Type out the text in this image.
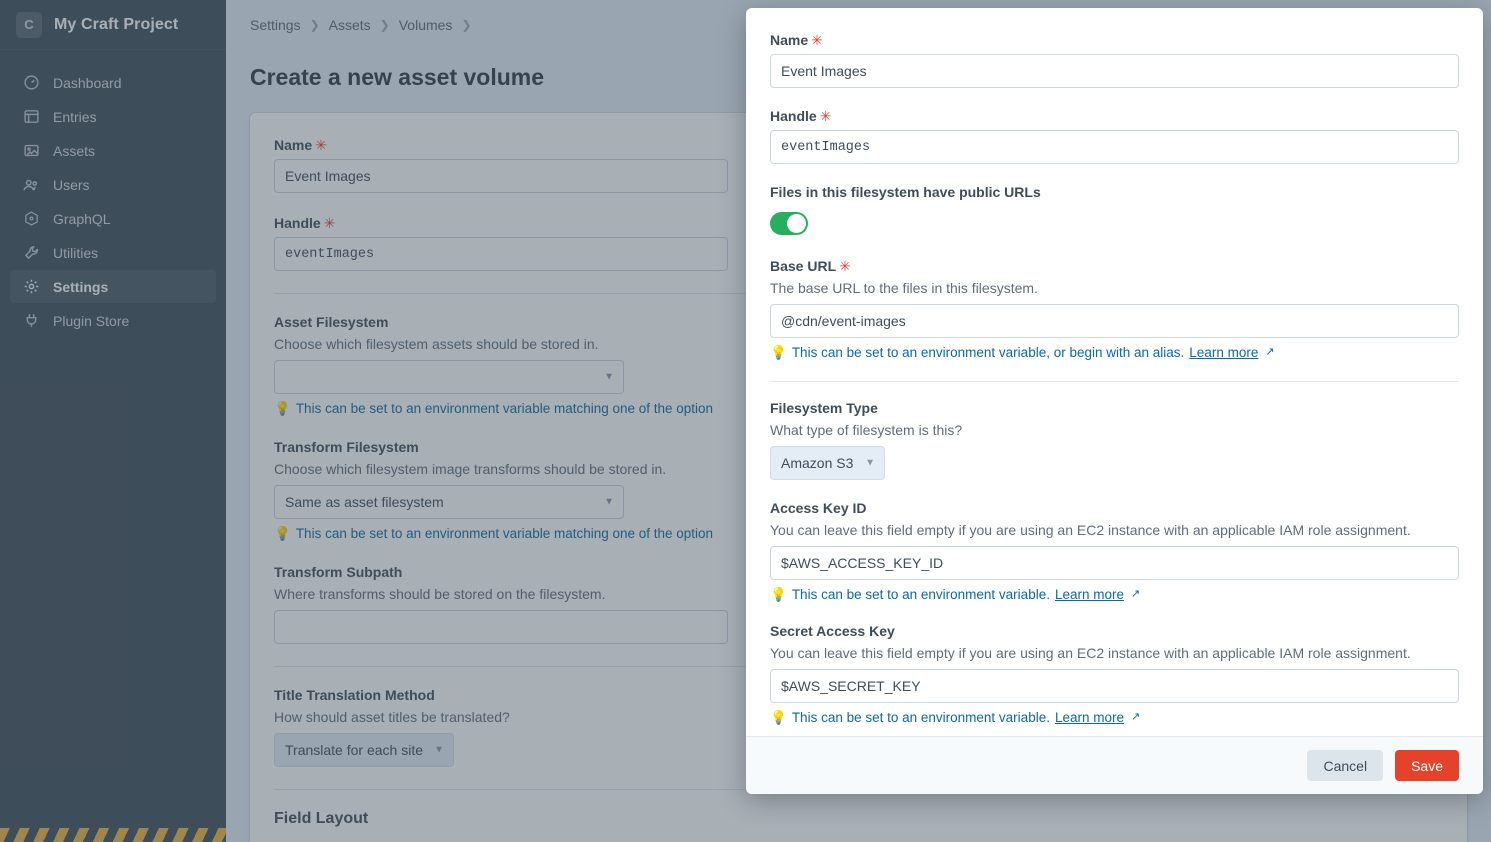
C	My Craft Project
Dashboard
Entries
Assets
Users
GraphQL
Utilities
Settings
Plugin Store
Settings ❯ Assets ❯ Volumes ❯
Create a new asset volume
Name ✳
Event Images
Handle ✳
eventImages
Asset Filesystem

Choose which filesystem assets should be stored in.

▼
💡 This can be set to an environment variable matching one of the option
Transform Filesystem

Choose which filesystem image transforms should be stored in.

Same as asset filesystem
▼
💡 This can be set to an environment variable matching one of the option
Transform Subpath

Where transforms should be stored on the filesystem.

Title Translation Method

How should asset titles be translated?

Translate for each site
▼
Field Layout
Name ✳ Event Images
Handle ✳ eventImages
Files in this filesystem have public URLs
Base URL ✳

The base URL to the files in this filesystem.

@cdn/event-images
💡 This can be set to an environment variable, or begin with an alias. Learn more ↗
Filesystem Type

What type of filesystem is this?

Amazon S3
▼
Access Key ID

You can leave this field empty if you are using an EC2 instance with an applicable IAM role assignment.

$AWS_ACCESS_KEY_ID
💡 This can be set to an environment variable. Learn more ↗
Secret Access Key

You can leave this field empty if you are using an EC2 instance with an applicable IAM role assignment.

$AWS_SECRET_KEY
💡 This can be set to an environment variable. Learn more ↗
Cancel	Save
